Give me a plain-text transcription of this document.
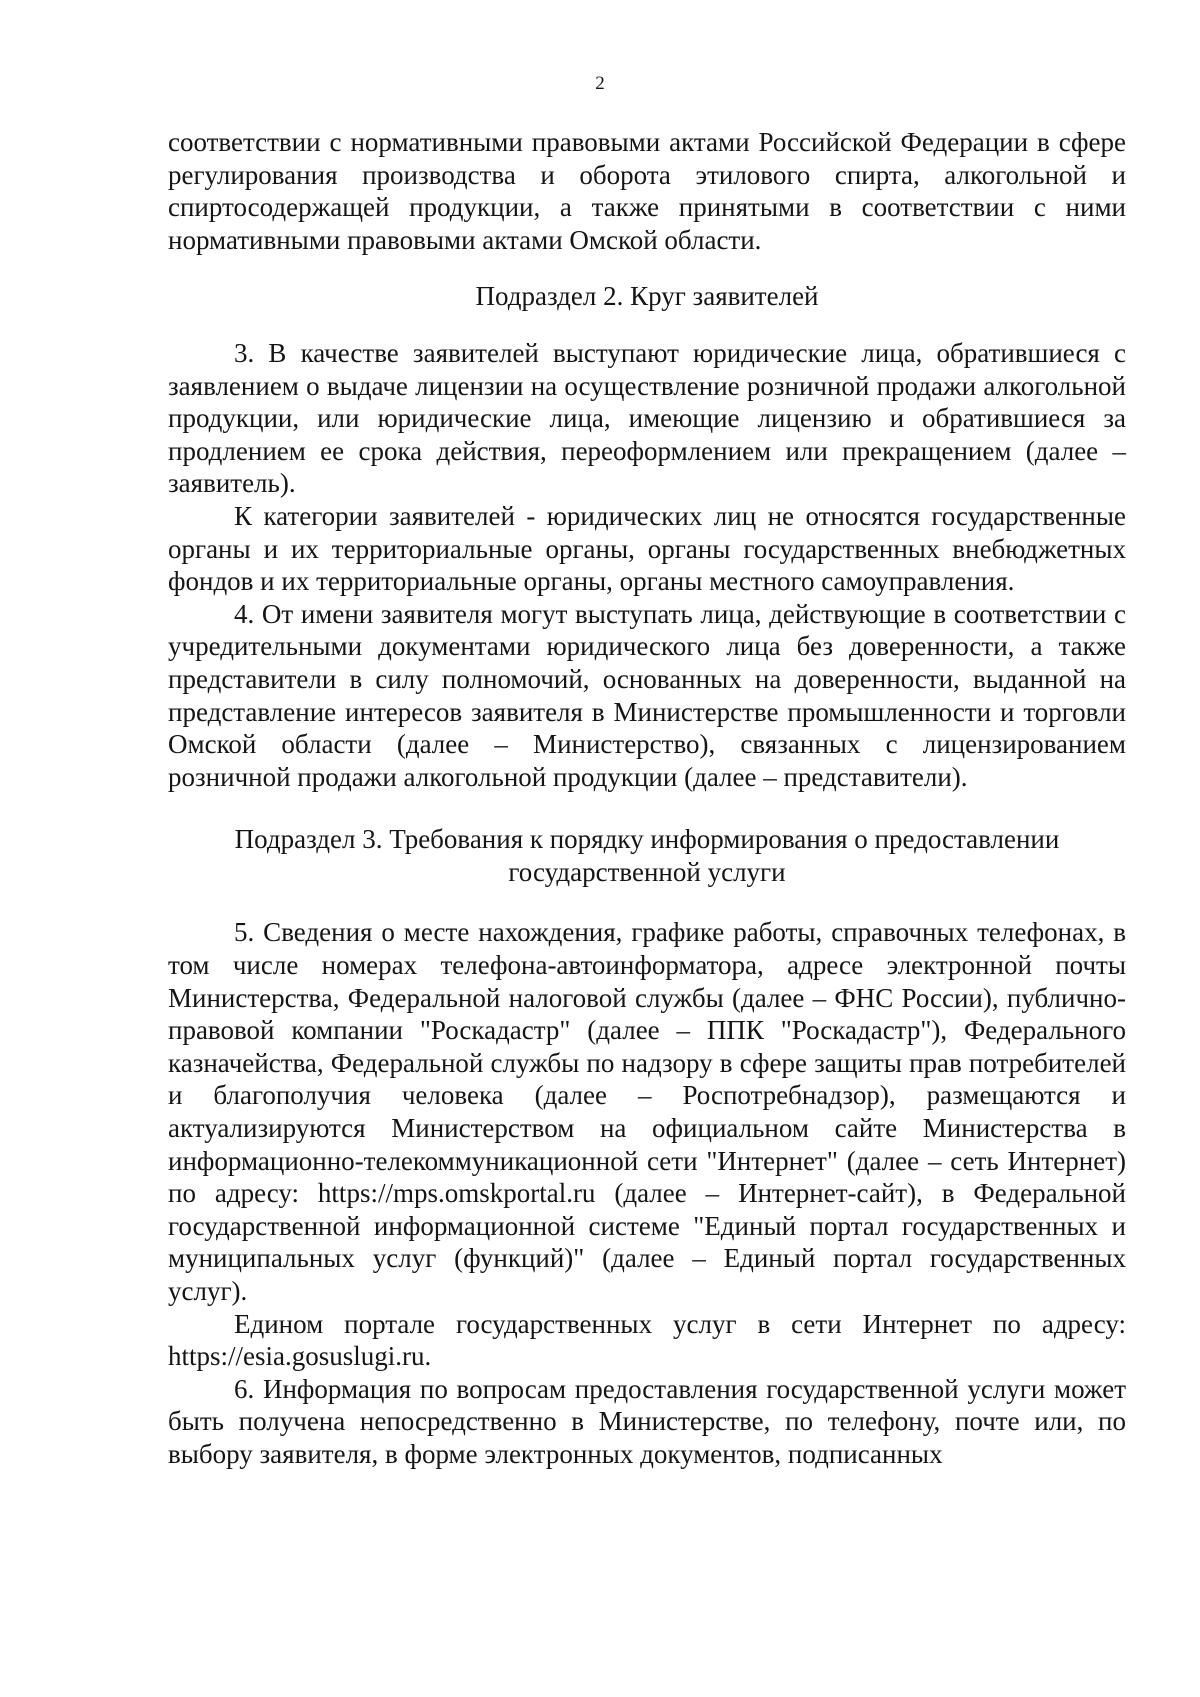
2

соответствии с нормативными правовыми актами Российской Федерации в сфере регулирования производства и оборота этилового спирта, алкогольной и спиртосодержащей продукции, а также принятыми в соответствии с ними нормативными правовыми актами Омской области.

Подраздел 2. Круг заявителей

3. В качестве заявителей выступают юридические лица, обратившиеся с заявлением о выдаче лицензии на осуществление розничной продажи алкогольной продукции, или юридические лица, имеющие лицензию и обратившиеся за продлением ее срока действия, переоформлением или прекращением (далее – заявитель).

К категории заявителей - юридических лиц не относятся государственные органы и их территориальные органы, органы государственных внебюджетных фондов и их территориальные органы, органы местного самоуправления.

4. От имени заявителя могут выступать лица, действующие в соответствии с учредительными документами юридического лица без доверенности, а также представители в силу полномочий, основанных на доверенности, выданной на представление интересов заявителя в Министерстве промышленности и торговли Омской области (далее – Министерство), связанных с лицензированием розничной продажи алкогольной продукции (далее – представители).

Подраздел 3. Требования к порядку информирования о предоставлении
государственной услуги

5. Сведения о месте нахождения, графике работы, справочных телефонах, в том числе номерах телефона-автоинформатора, адресе электронной почты Министерства, Федеральной налоговой службы (далее – ФНС России), публично-правовой компании "Роскадастр" (далее – ППК "Роскадастр"), Федерального казначейства, Федеральной службы по надзору в сфере защиты прав потребителей и благополучия человека (далее – Роспотребнадзор), размещаются и актуализируются Министерством на официальном сайте Министерства в информационно-телекоммуникационной сети "Интернет" (далее – сеть Интернет) по адресу: https://mps.omskportal.ru (далее – Интернет-сайт), в Федеральной государственной информационной системе "Единый портал государственных и муниципальных услуг (функций)" (далее – Единый портал государственных услуг).

Едином портале государственных услуг в сети Интернет по адресу: https://esia.gosuslugi.ru.

6. Информация по вопросам предоставления государственной услуги может быть получена непосредственно в Министерстве, по телефону, почте или, по выбору заявителя, в форме электронных документов, подписанных
